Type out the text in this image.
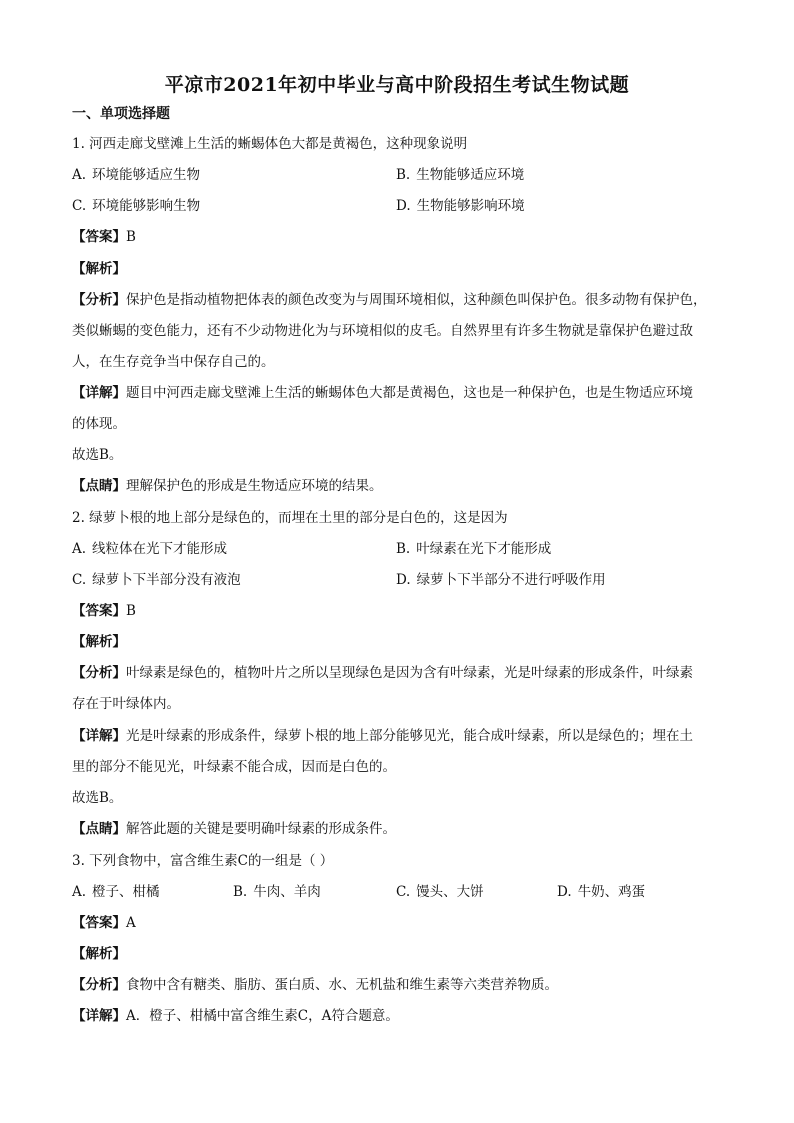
平凉市2021年初中毕业与高中阶段招生考试生物试题
一、单项选择题
1. 河西走廊戈壁滩上生活的蜥蜴体色大都是黄褐色，这种现象说明
A. 环境能够适应生物	B. 生物能够适应环境
C. 环境能够影响生物	D. 生物能够影响环境
【答案】B
【解析】
【分析】保护色是指动植物把体表的颜色改变为与周围环境相似，这种颜色叫保护色。很多动物有保护色，
类似蜥蜴的变色能力，还有不少动物进化为与环境相似的皮毛。自然界里有许多生物就是靠保护色避过敌
人，在生存竞争当中保存自己的。
【详解】题目中河西走廊戈壁滩上生活的蜥蜴体色大都是黄褐色，这也是一种保护色，也是生物适应环境
的体现。
故选B。
【点睛】理解保护色的形成是生物适应环境的结果。
2. 绿萝卜根的地上部分是绿色的，而埋在土里的部分是白色的，这是因为
A. 线粒体在光下才能形成	B. 叶绿素在光下才能形成
C. 绿萝卜下半部分没有液泡	D. 绿萝卜下半部分不进行呼吸作用
【答案】B
【解析】
【分析】叶绿素是绿色的，植物叶片之所以呈现绿色是因为含有叶绿素，光是叶绿素的形成条件，叶绿素
存在于叶绿体内。
【详解】光是叶绿素的形成条件，绿萝卜根的地上部分能够见光，能合成叶绿素，所以是绿色的；埋在土
里的部分不能见光，叶绿素不能合成，因而是白色的。
故选B。
【点睛】解答此题的关键是要明确叶绿素的形成条件。
3. 下列食物中，富含维生素C的一组是（ ）
A. 橙子、柑橘	B. 牛肉、羊肉	C. 馒头、大饼	D. 牛奶、鸡蛋
【答案】A
【解析】
【分析】食物中含有糖类、脂肪、蛋白质、水、无机盐和维生素等六类营养物质。
【详解】A．橙子、柑橘中富含维生素C，A符合题意。
